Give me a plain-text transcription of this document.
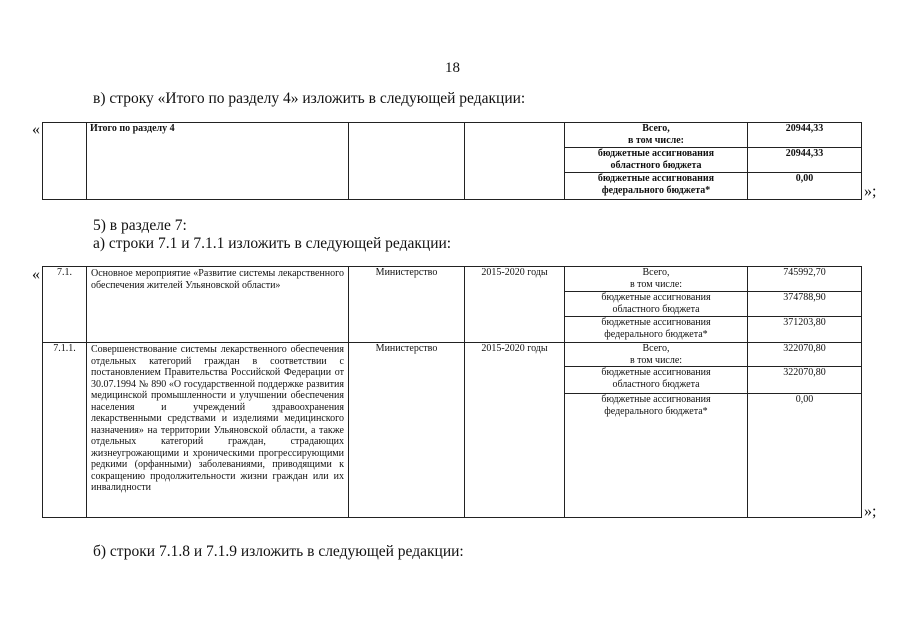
18
в) строку «Итого по разделу 4» изложить в следующей редакции:
«
		Итого по разделу 4			Всего,
в том числе:	20944,33
				бюджетные ассигнования
областного бюджета	20944,33
				бюджетные ассигнования
федерального бюджета*	0,00
»;
5) в разделе 7:
а) строки 7.1 и 7.1.1 изложить в следующей редакции:
« 7.1.	Основное мероприятие «Развитие системы лекарственного обеспечения жителей Ульяновской области»	Министерство	2015-2020 годы	Всего,
в том числе:	745992,70
				бюджетные ассигнования
областного бюджета	374788,90
				бюджетные ассигнования
федерального бюджета*	371203,80
7.1.1.	Совершенствование системы лекарственного обеспечения отдельных категорий граждан в соответствии с постановлением Правительства Российской Федерации от 30.07.1994 № 890 «О государственной поддержке развития медицинской промышленности и улучшении обеспечения населения и учреждений здравоохранения лекарственными средствами и изделиями медицинского назначения» на территории Ульяновской области, а также отдельных категорий граждан, страдающих жизнеугрожающими и хроническими прогрессирующими редкими (орфанными) заболеваниями, приводящими к сокращению продолжительности жизни граждан или их инвалидности	Министерство	2015-2020 годы	Всего,
в том числе:	322070,80
				бюджетные ассигнования
областного бюджета	322070,80
				бюджетные ассигнования
федерального бюджета*	0,00
»;
б) строки 7.1.8 и 7.1.9 изложить в следующей редакции:
